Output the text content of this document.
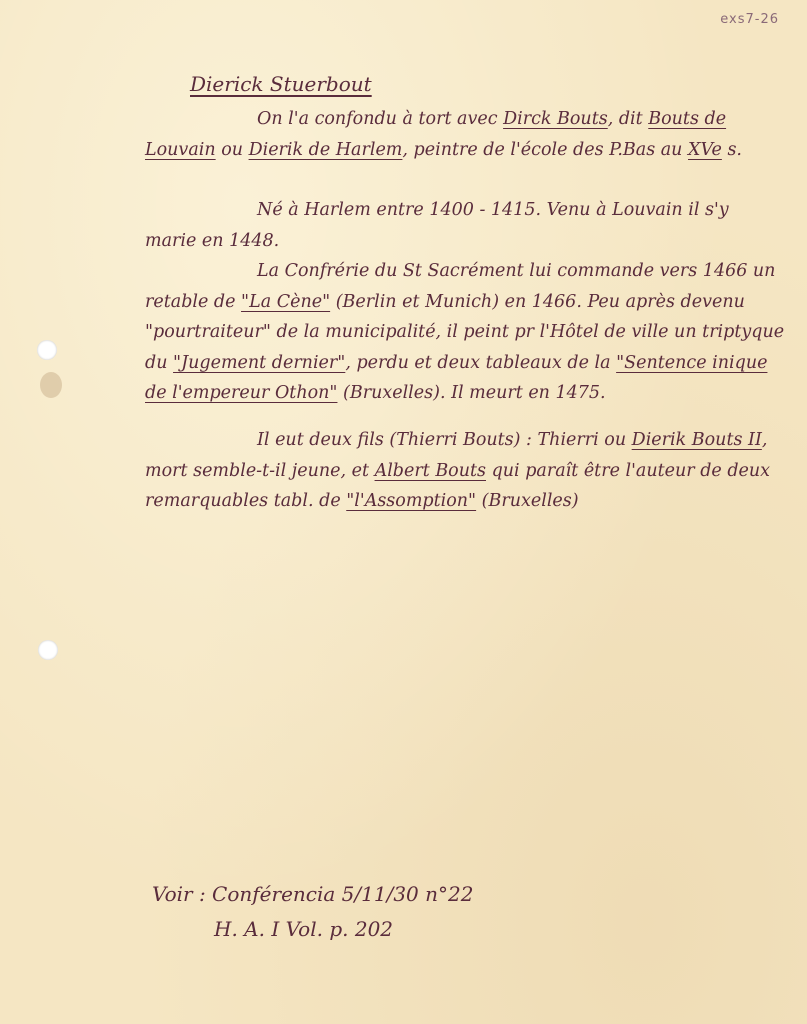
exs7-26
Dierick Stuerbout

On l'a confondu à tort avec Dirck Bouts, dit Bouts de Louvain ou Dierik de Harlem, peintre de l'école des P.Bas au XVe s.

Né à Harlem entre 1400 - 1415. Venu à Louvain il s'y marie en 1448.

La Confrérie du St Sacrément lui commande vers 1466 un retable de "La Cène" (Berlin et Munich) en 1466. Peu après devenu "pourtraiteur" de la municipalité, il peint pr l'Hôtel de ville un triptyque du "Jugement dernier", perdu et deux tableaux de la "Sentence inique de l'empereur Othon" (Bruxelles). Il meurt en 1475.

Il eut deux fils (Thierri Bouts) : Thierri ou Dierik Bouts II, mort semble-t-il jeune, et Albert Bouts qui paraît être l'auteur de deux remarquables tabl. de "l'Assomption" (Bruxelles)

Voir : Conférencia 5/11/30 n°22
H. A. I Vol. p. 202
